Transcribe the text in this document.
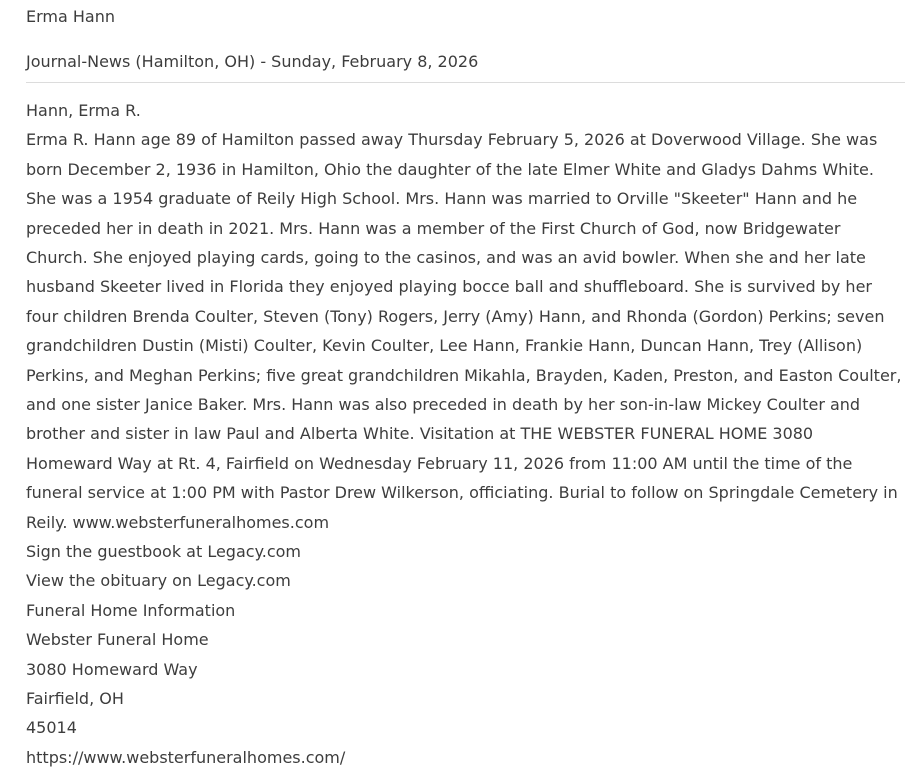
Erma Hann
Journal-News (Hamilton, OH) - Sunday, February 8, 2026
Hann, Erma R.

Erma R. Hann age 89 of Hamilton passed away Thursday February 5, 2026 at Doverwood Village. She was born December 2, 1936 in Hamilton, Ohio the daughter of the late Elmer White and Gladys Dahms White. She was a 1954 graduate of Reily High School. Mrs. Hann was married to Orville "Skeeter" Hann and he preceded her in death in 2021. Mrs. Hann was a member of the First Church of God, now Bridgewater Church. She enjoyed playing cards, going to the casinos, and was an avid bowler. When she and her late husband Skeeter lived in Florida they enjoyed playing bocce ball and shuffleboard. She is survived by her four children Brenda Coulter, Steven (Tony) Rogers, Jerry (Amy) Hann, and Rhonda (Gordon) Perkins; seven grandchildren Dustin (Misti) Coulter, Kevin Coulter, Lee Hann, Frankie Hann, Duncan Hann, Trey (Allison) Perkins, and Meghan Perkins; five great grandchildren Mikahla, Brayden, Kaden, Preston, and Easton Coulter, and one sister Janice Baker. Mrs. Hann was also preceded in death by her son-in-law Mickey Coulter and brother and sister in law Paul and Alberta White. Visitation at THE WEBSTER FUNERAL HOME 3080 Homeward Way at Rt. 4, Fairfield on Wednesday February 11, 2026 from 11:00 AM until the time of the funeral service at 1:00 PM with Pastor Drew Wilkerson, officiating. Burial to follow on Springdale Cemetery in Reily. www.websterfuneralhomes.com

Sign the guestbook at Legacy.com
View the obituary on Legacy.com
Funeral Home Information
Webster Funeral Home
3080 Homeward Way
Fairfield, OH
45014
https://www.websterfuneralhomes.com/
